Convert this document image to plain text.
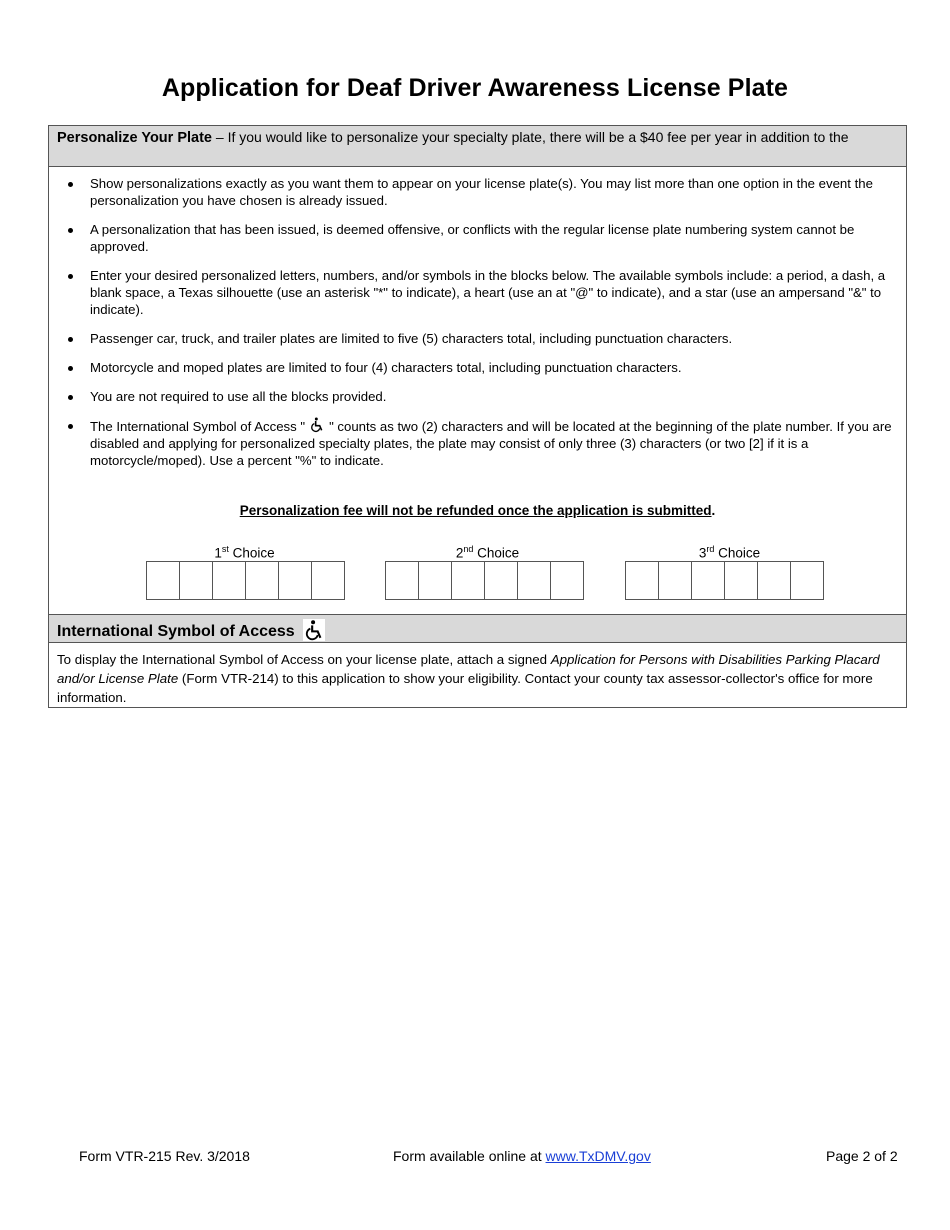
Application for Deaf Driver Awareness License Plate
Personalize Your Plate – If you would like to personalize your specialty plate, there will be a $40 fee per year in addition to the
Show personalizations exactly as you want them to appear on your license plate(s). You may list more than one option in the event the personalization you have chosen is already issued.
A personalization that has been issued, is deemed offensive, or conflicts with the regular license plate numbering system cannot be approved.
Enter your desired personalized letters, numbers, and/or symbols in the blocks below. The available symbols include: a period, a dash, a blank space, a Texas silhouette (use an asterisk "*" to indicate), a heart (use an at "@" to indicate), and a star (use an ampersand "&" to indicate).
Passenger car, truck, and trailer plates are limited to five (5) characters total, including punctuation characters.
Motorcycle and moped plates are limited to four (4) characters total, including punctuation characters.
You are not required to use all the blocks provided.
The International Symbol of Access " " counts as two (2) characters and will be located at the beginning of the plate number. If you are disabled and applying for personalized specialty plates, the plate may consist of only three (3) characters (or two [2] if it is a motorcycle/moped). Use a percent "%" to indicate.
Personalization fee will not be refunded once the application is submitted.
1st Choice	2nd Choice	3rd Choice
International Symbol of Access
To display the International Symbol of Access on your license plate, attach a signed Application for Persons with Disabilities Parking Placard and/or License Plate (Form VTR-214) to this application to show your eligibility. Contact your county tax assessor-collector's office for more information.
Form VTR-215 Rev. 3/2018	Form available online at www.TxDMV.gov	Page 2 of 2
